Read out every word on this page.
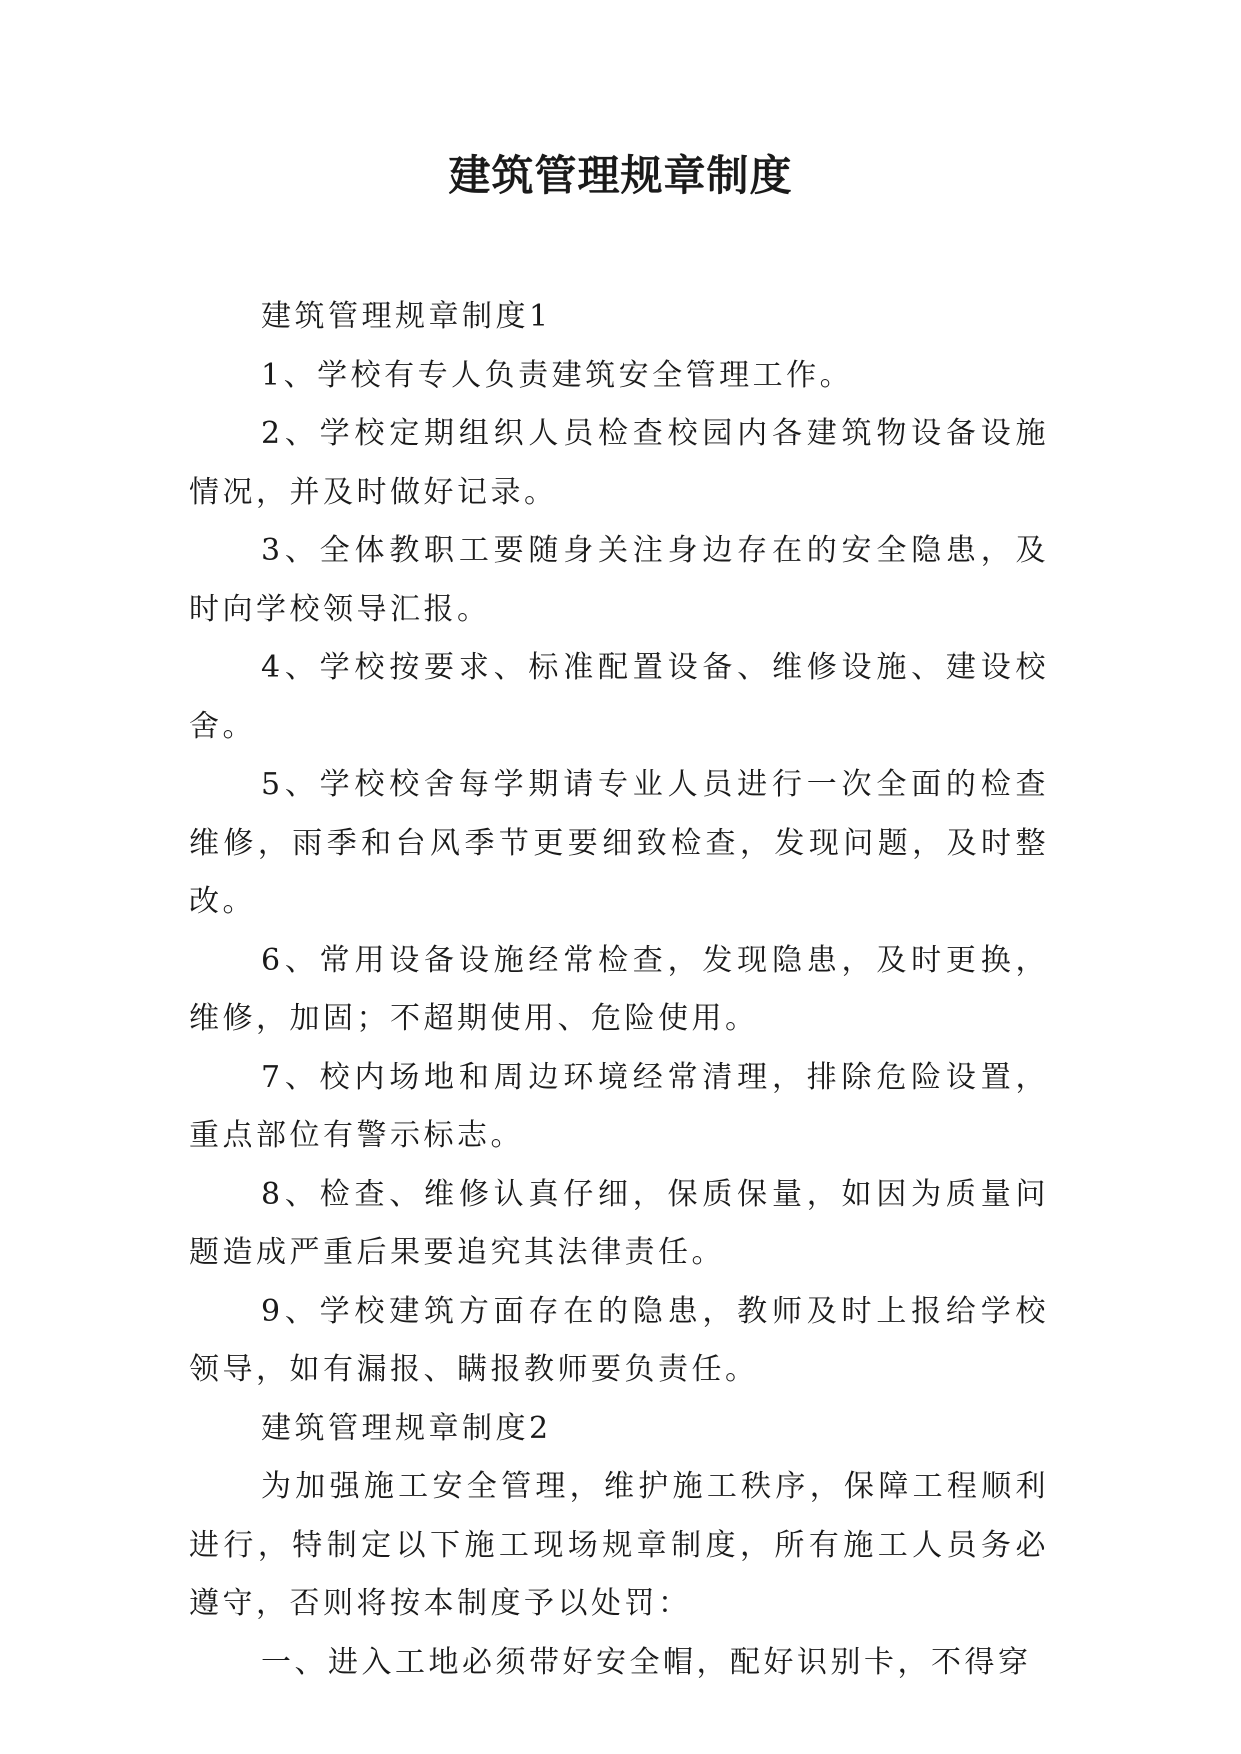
建筑管理规章制度

建筑管理规章制度1

1、学校有专人负责建筑安全管理工作。

2、学校定期组织人员检查校园内各建筑物设备设施情况，并及时做好记录。

3、全体教职工要随身关注身边存在的安全隐患，及时向学校领导汇报。

4、学校按要求、标准配置设备、维修设施、建设校舍。

5、学校校舍每学期请专业人员进行一次全面的检查维修，雨季和台风季节更要细致检查，发现问题，及时整改。

6、常用设备设施经常检查，发现隐患，及时更换，维修，加固；不超期使用、危险使用。

7、校内场地和周边环境经常清理，排除危险设置，重点部位有警示标志。

8、检查、维修认真仔细，保质保量，如因为质量问题造成严重后果要追究其法律责任。

9、学校建筑方面存在的隐患，教师及时上报给学校领导，如有漏报、瞒报教师要负责任。

建筑管理规章制度2

为加强施工安全管理，维护施工秩序，保障工程顺利进行，特制定以下施工现场规章制度，所有施工人员务必遵守，否则将按本制度予以处罚：

一、进入工地必须带好安全帽，配好识别卡，不得穿
